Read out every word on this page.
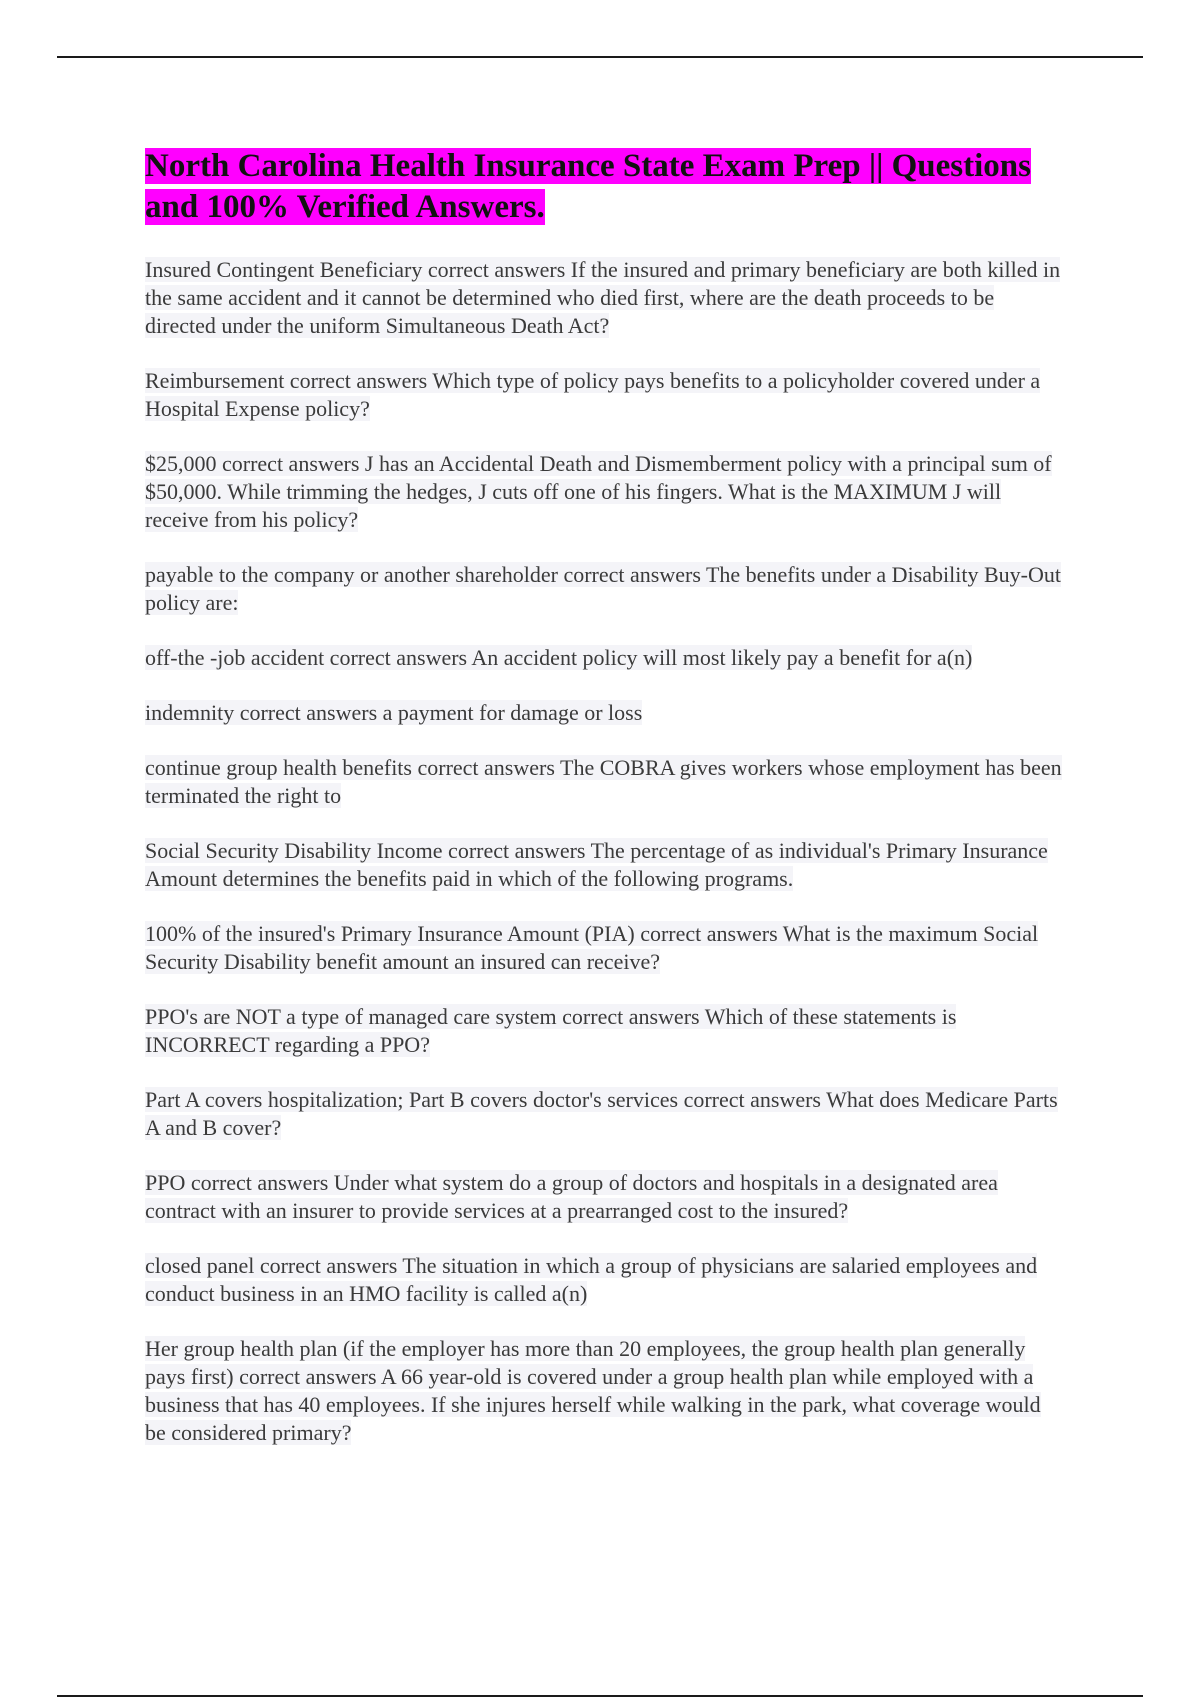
North Carolina Health Insurance State Exam Prep || Questions and 100% Verified Answers.

Insured Contingent Beneficiary correct answers If the insured and primary beneficiary are both killed in the same accident and it cannot be determined who died first, where are the death proceeds to be directed under the uniform Simultaneous Death Act?

Reimbursement correct answers Which type of policy pays benefits to a policyholder covered under a Hospital Expense policy?

$25,000 correct answers J has an Accidental Death and Dismemberment policy with a principal sum of $50,000. While trimming the hedges, J cuts off one of his fingers. What is the MAXIMUM J will receive from his policy?

payable to the company or another shareholder correct answers The benefits under a Disability Buy-Out policy are:

off-the -job accident correct answers An accident policy will most likely pay a benefit for a(n)

indemnity correct answers a payment for damage or loss

continue group health benefits correct answers The COBRA gives workers whose employment has been terminated the right to

Social Security Disability Income correct answers The percentage of as individual's Primary Insurance Amount determines the benefits paid in which of the following programs.

100% of the insured's Primary Insurance Amount (PIA) correct answers What is the maximum Social Security Disability benefit amount an insured can receive?

PPO's are NOT a type of managed care system correct answers Which of these statements is INCORRECT regarding a PPO?

Part A covers hospitalization; Part B covers doctor's services correct answers What does Medicare Parts A and B cover?

PPO correct answers Under what system do a group of doctors and hospitals in a designated area contract with an insurer to provide services at a prearranged cost to the insured?

closed panel correct answers The situation in which a group of physicians are salaried employees and conduct business in an HMO facility is called a(n)

Her group health plan (if the employer has more than 20 employees, the group health plan generally pays first) correct answers A 66 year-old is covered under a group health plan while employed with a business that has 40 employees. If she injures herself while walking in the park, what coverage would be considered primary?
